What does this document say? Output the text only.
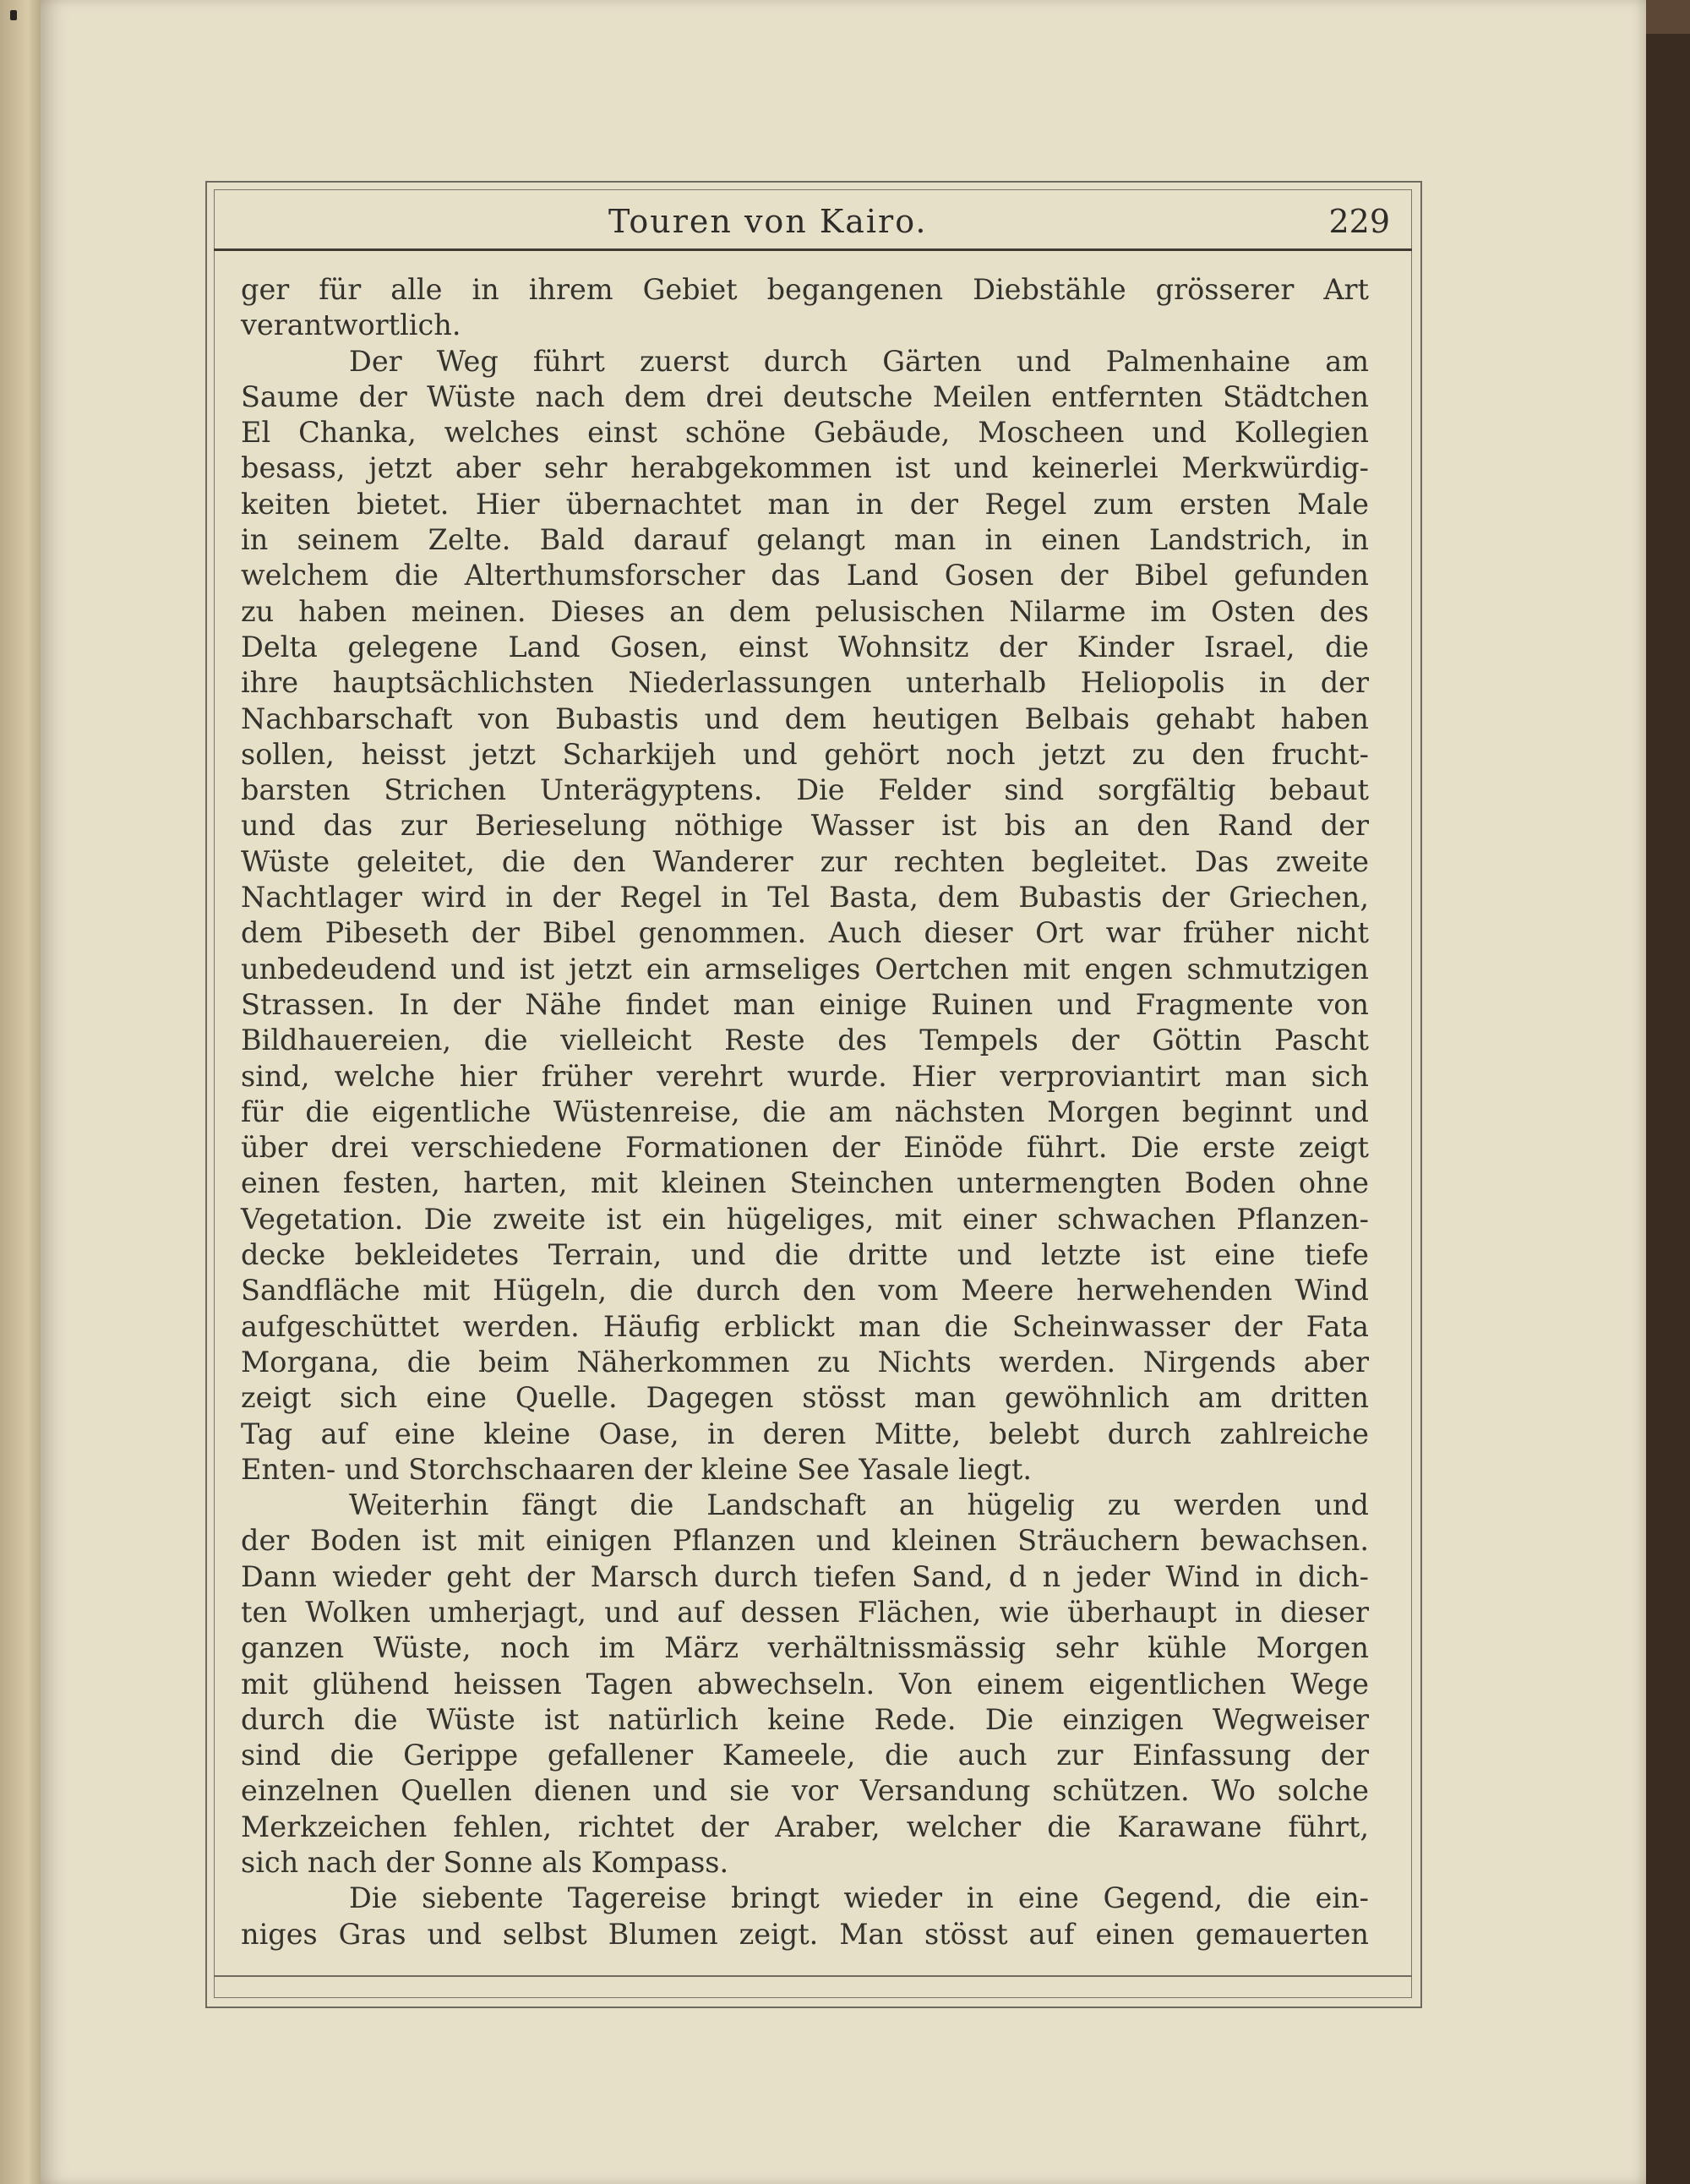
Touren von Kairo.	229
ger für alle in ihrem Gebiet begangenen Diebstähle grösserer Art
verantwortlich.
Der Weg führt zuerst durch Gärten und Palmenhaine am
Saume der Wüste nach dem drei deutsche Meilen entfernten Städtchen
El Chanka, welches einst schöne Gebäude, Moscheen und Kollegien
besass, jetzt aber sehr herabgekommen ist und keinerlei Merkwürdig-
keiten bietet. Hier übernachtet man in der Regel zum ersten Male
in seinem Zelte. Bald darauf gelangt man in einen Landstrich, in
welchem die Alterthumsforscher das Land Gosen der Bibel gefunden
zu haben meinen. Dieses an dem pelusischen Nilarme im Osten des
Delta gelegene Land Gosen, einst Wohnsitz der Kinder Israel, die
ihre hauptsächlichsten Niederlassungen unterhalb Heliopolis in der
Nachbarschaft von Bubastis und dem heutigen Belbais gehabt haben
sollen, heisst jetzt Scharkijeh und gehört noch jetzt zu den frucht-
barsten Strichen Unterägyptens. Die Felder sind sorgfältig bebaut
und das zur Berieselung nöthige Wasser ist bis an den Rand der
Wüste geleitet, die den Wanderer zur rechten begleitet. Das zweite
Nachtlager wird in der Regel in Tel Basta, dem Bubastis der Griechen,
dem Pibeseth der Bibel genommen. Auch dieser Ort war früher nicht
unbedeudend und ist jetzt ein armseliges Oertchen mit engen schmutzigen
Strassen. In der Nähe findet man einige Ruinen und Fragmente von
Bildhauereien, die vielleicht Reste des Tempels der Göttin Pascht
sind, welche hier früher verehrt wurde. Hier verproviantirt man sich
für die eigentliche Wüstenreise, die am nächsten Morgen beginnt und
über drei verschiedene Formationen der Einöde führt. Die erste zeigt
einen festen, harten, mit kleinen Steinchen untermengten Boden ohne
Vegetation. Die zweite ist ein hügeliges, mit einer schwachen Pflanzen-
decke bekleidetes Terrain, und die dritte und letzte ist eine tiefe
Sandfläche mit Hügeln, die durch den vom Meere herwehenden Wind
aufgeschüttet werden. Häufig erblickt man die Scheinwasser der Fata
Morgana, die beim Näherkommen zu Nichts werden. Nirgends aber
zeigt sich eine Quelle. Dagegen stösst man gewöhnlich am dritten
Tag auf eine kleine Oase, in deren Mitte, belebt durch zahlreiche
Enten- und Storchschaaren der kleine See Yasale liegt.
Weiterhin fängt die Landschaft an hügelig zu werden und
der Boden ist mit einigen Pflanzen und kleinen Sträuchern bewachsen.
Dann wieder geht der Marsch durch tiefen Sand, d n jeder Wind in dich-
ten Wolken umherjagt, und auf dessen Flächen, wie überhaupt in dieser
ganzen Wüste, noch im März verhältnissmässig sehr kühle Morgen
mit glühend heissen Tagen abwechseln. Von einem eigentlichen Wege
durch die Wüste ist natürlich keine Rede. Die einzigen Wegweiser
sind die Gerippe gefallener Kameele, die auch zur Einfassung der
einzelnen Quellen dienen und sie vor Versandung schützen. Wo solche
Merkzeichen fehlen, richtet der Araber, welcher die Karawane führt,
sich nach der Sonne als Kompass.
Die siebente Tagereise bringt wieder in eine Gegend, die ein-
niges Gras und selbst Blumen zeigt. Man stösst auf einen gemauerten
